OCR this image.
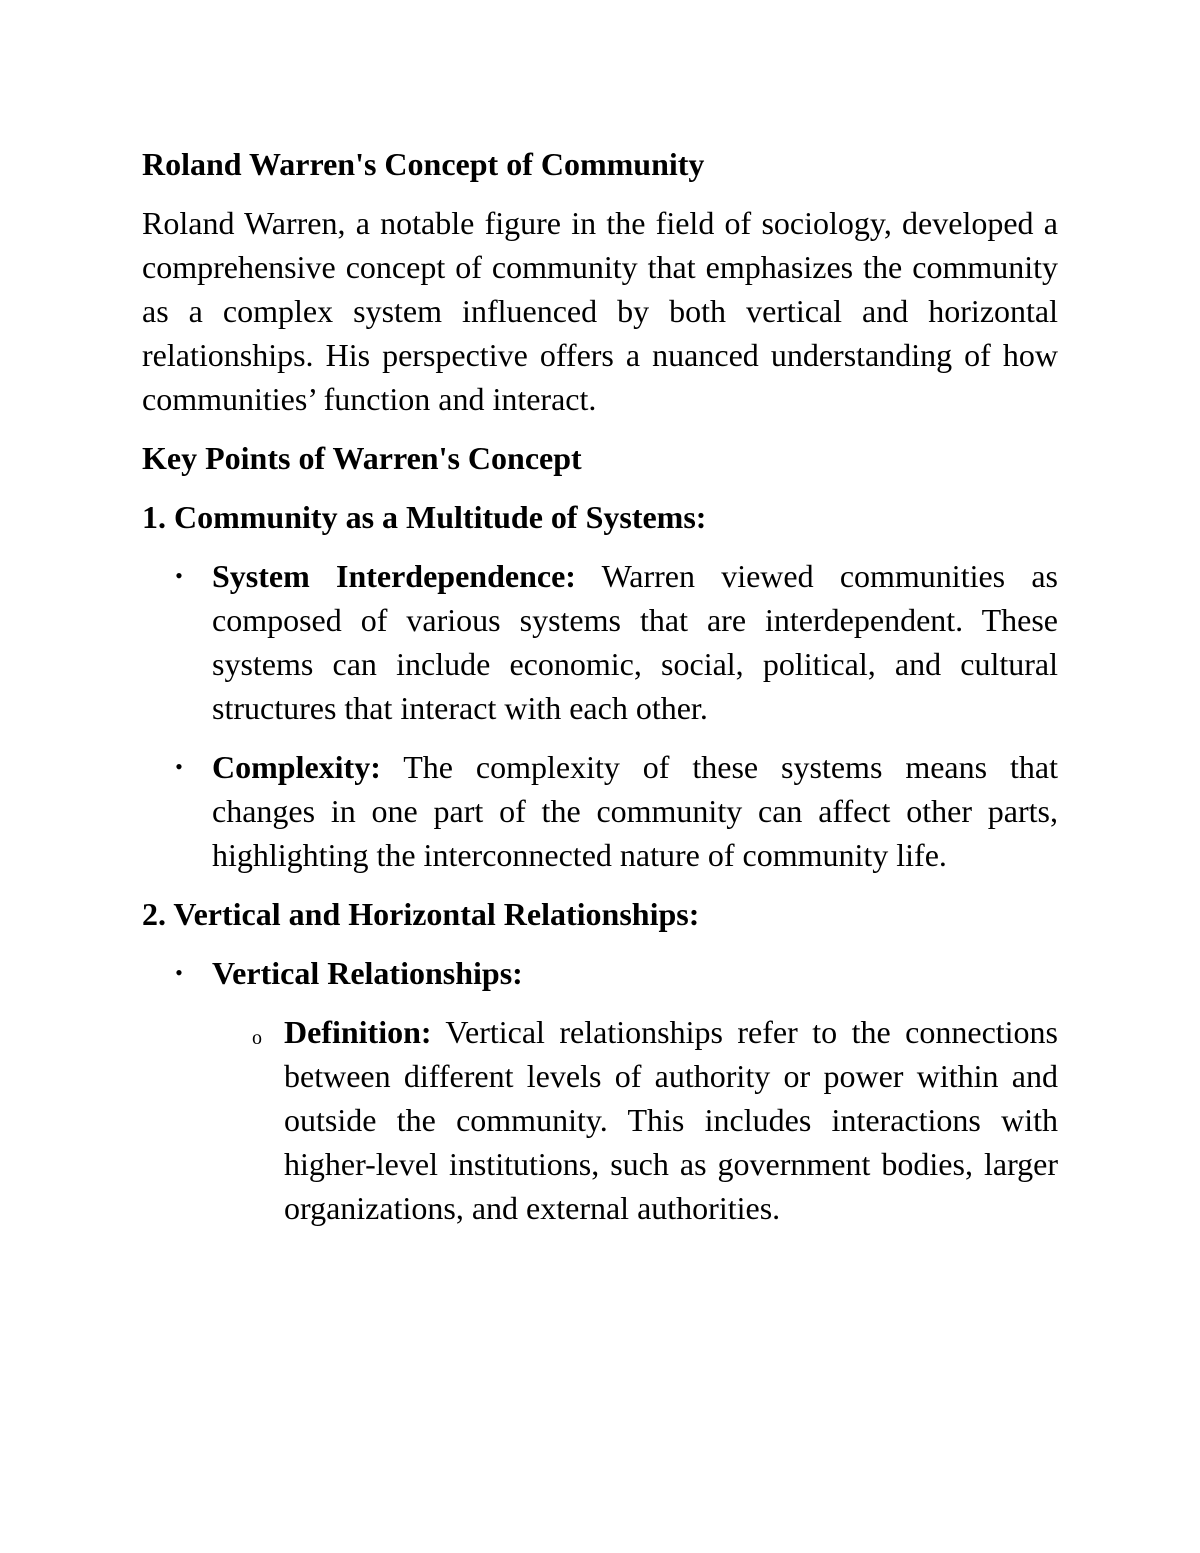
Roland Warren's Concept of Community

Roland Warren, a notable figure in the field of sociology, developed a comprehensive concept of community that emphasizes the community as a complex system influenced by both vertical and horizontal relationships. His perspective offers a nuanced understanding of how communities’ function and interact.

Key Points of Warren's Concept

1. Community as a Multitude of Systems:

• System Interdependence: Warren viewed communities as composed of various systems that are interdependent. These systems can include economic, social, political, and cultural structures that interact with each other.
• Complexity: The complexity of these systems means that changes in one part of the community can affect other parts, highlighting the interconnected nature of community life.

2. Vertical and Horizontal Relationships:

• Vertical Relationships:
o Definition: Vertical relationships refer to the connections between different levels of authority or power within and outside the community. This includes interactions with higher-level institutions, such as government bodies, larger organizations, and external authorities.
